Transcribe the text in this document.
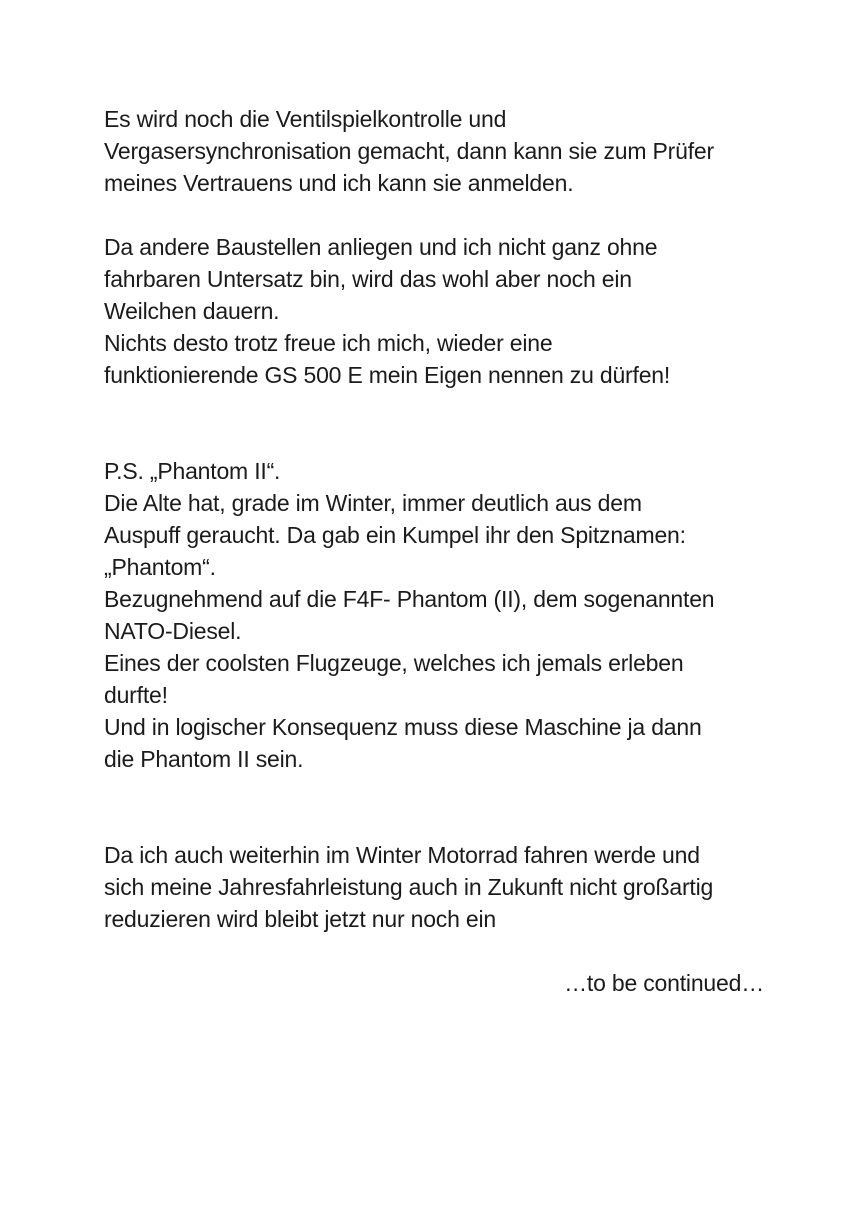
Es wird noch die Ventilspielkontrolle und
Vergasersynchronisation gemacht, dann kann sie zum Prüfer
meines Vertrauens und ich kann sie anmelden.
Da andere Baustellen anliegen und ich nicht ganz ohne
fahrbaren Untersatz bin, wird das wohl aber noch ein
Weilchen dauern.
Nichts desto trotz freue ich mich, wieder eine
funktionierende GS 500 E mein Eigen nennen zu dürfen!
P.S. „Phantom II“.
Die Alte hat, grade im Winter, immer deutlich aus dem
Auspuff geraucht. Da gab ein Kumpel ihr den Spitznamen:
„Phantom“.
Bezugnehmend auf die F4F- Phantom (II), dem sogenannten
NATO-Diesel.
Eines der coolsten Flugzeuge, welches ich jemals erleben
durfte!
Und in logischer Konsequenz muss diese Maschine ja dann
die Phantom II sein.
Da ich auch weiterhin im Winter Motorrad fahren werde und
sich meine Jahresfahrleistung auch in Zukunft nicht großartig
reduzieren wird bleibt jetzt nur noch ein
…to be continued…
